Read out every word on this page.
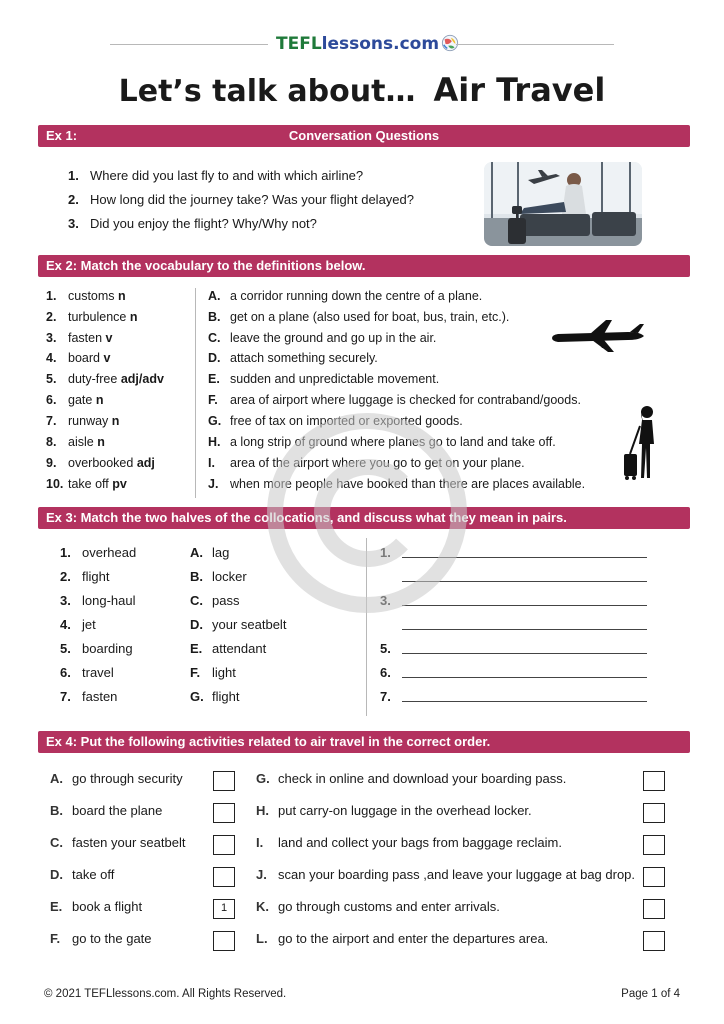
TEFLlessons.com
Let’s talk about… Air Travel
Ex 1:	Conversation Questions
1. Where did you last fly to and with which airline?
2. How long did the journey take? Was your flight delayed?
3. Did you enjoy the flight? Why/Why not?
Ex 2: Match the vocabulary to the definitions below.
1. customs n
2. turbulence n
3. fasten v
4. board v
5. duty-free adj/adv
6. gate n
7. runway n
8. aisle n
9. overbooked adj
10. take off pv
A. a corridor running down the centre of a plane.
B. get on a plane (also used for boat, bus, train, etc.).
C. leave the ground and go up in the air.
D. attach something securely.
E. sudden and unpredictable movement.
F. area of airport where luggage is checked for contraband/goods.
G. free of tax on imported or exported goods.
H. a long strip of ground where planes go to land and take off.
I. area of the airport where you go to get on your plane.
J. when more people have booked than there are places available.
Ex 3: Match the two halves of the collocations, and discuss what they mean in pairs.
1. overhead
2. flight
3. long-haul
4. jet
5. boarding
6. travel
7. fasten
A. lag
B. locker
C. pass
D. your seatbelt
E. attendant
F. light
G. flight
1.
3.
5.
6.
7.
Ex 4: Put the following activities related to air travel in the correct order.
A. go through security
B. board the plane
C. fasten your seatbelt
D. take off
E. book a flight
F. go to the gate
1
G. check in online and download your boarding pass.
H. put carry-on luggage in the overhead locker.
I. land and collect your bags from baggage reclaim.
J. scan your boarding pass ,and leave your luggage at bag drop.
K. go through customs and enter arrivals.
L. go to the airport and enter the departures area.
© 2021 TEFLlessons.com. All Rights Reserved.	Page 1 of 4
